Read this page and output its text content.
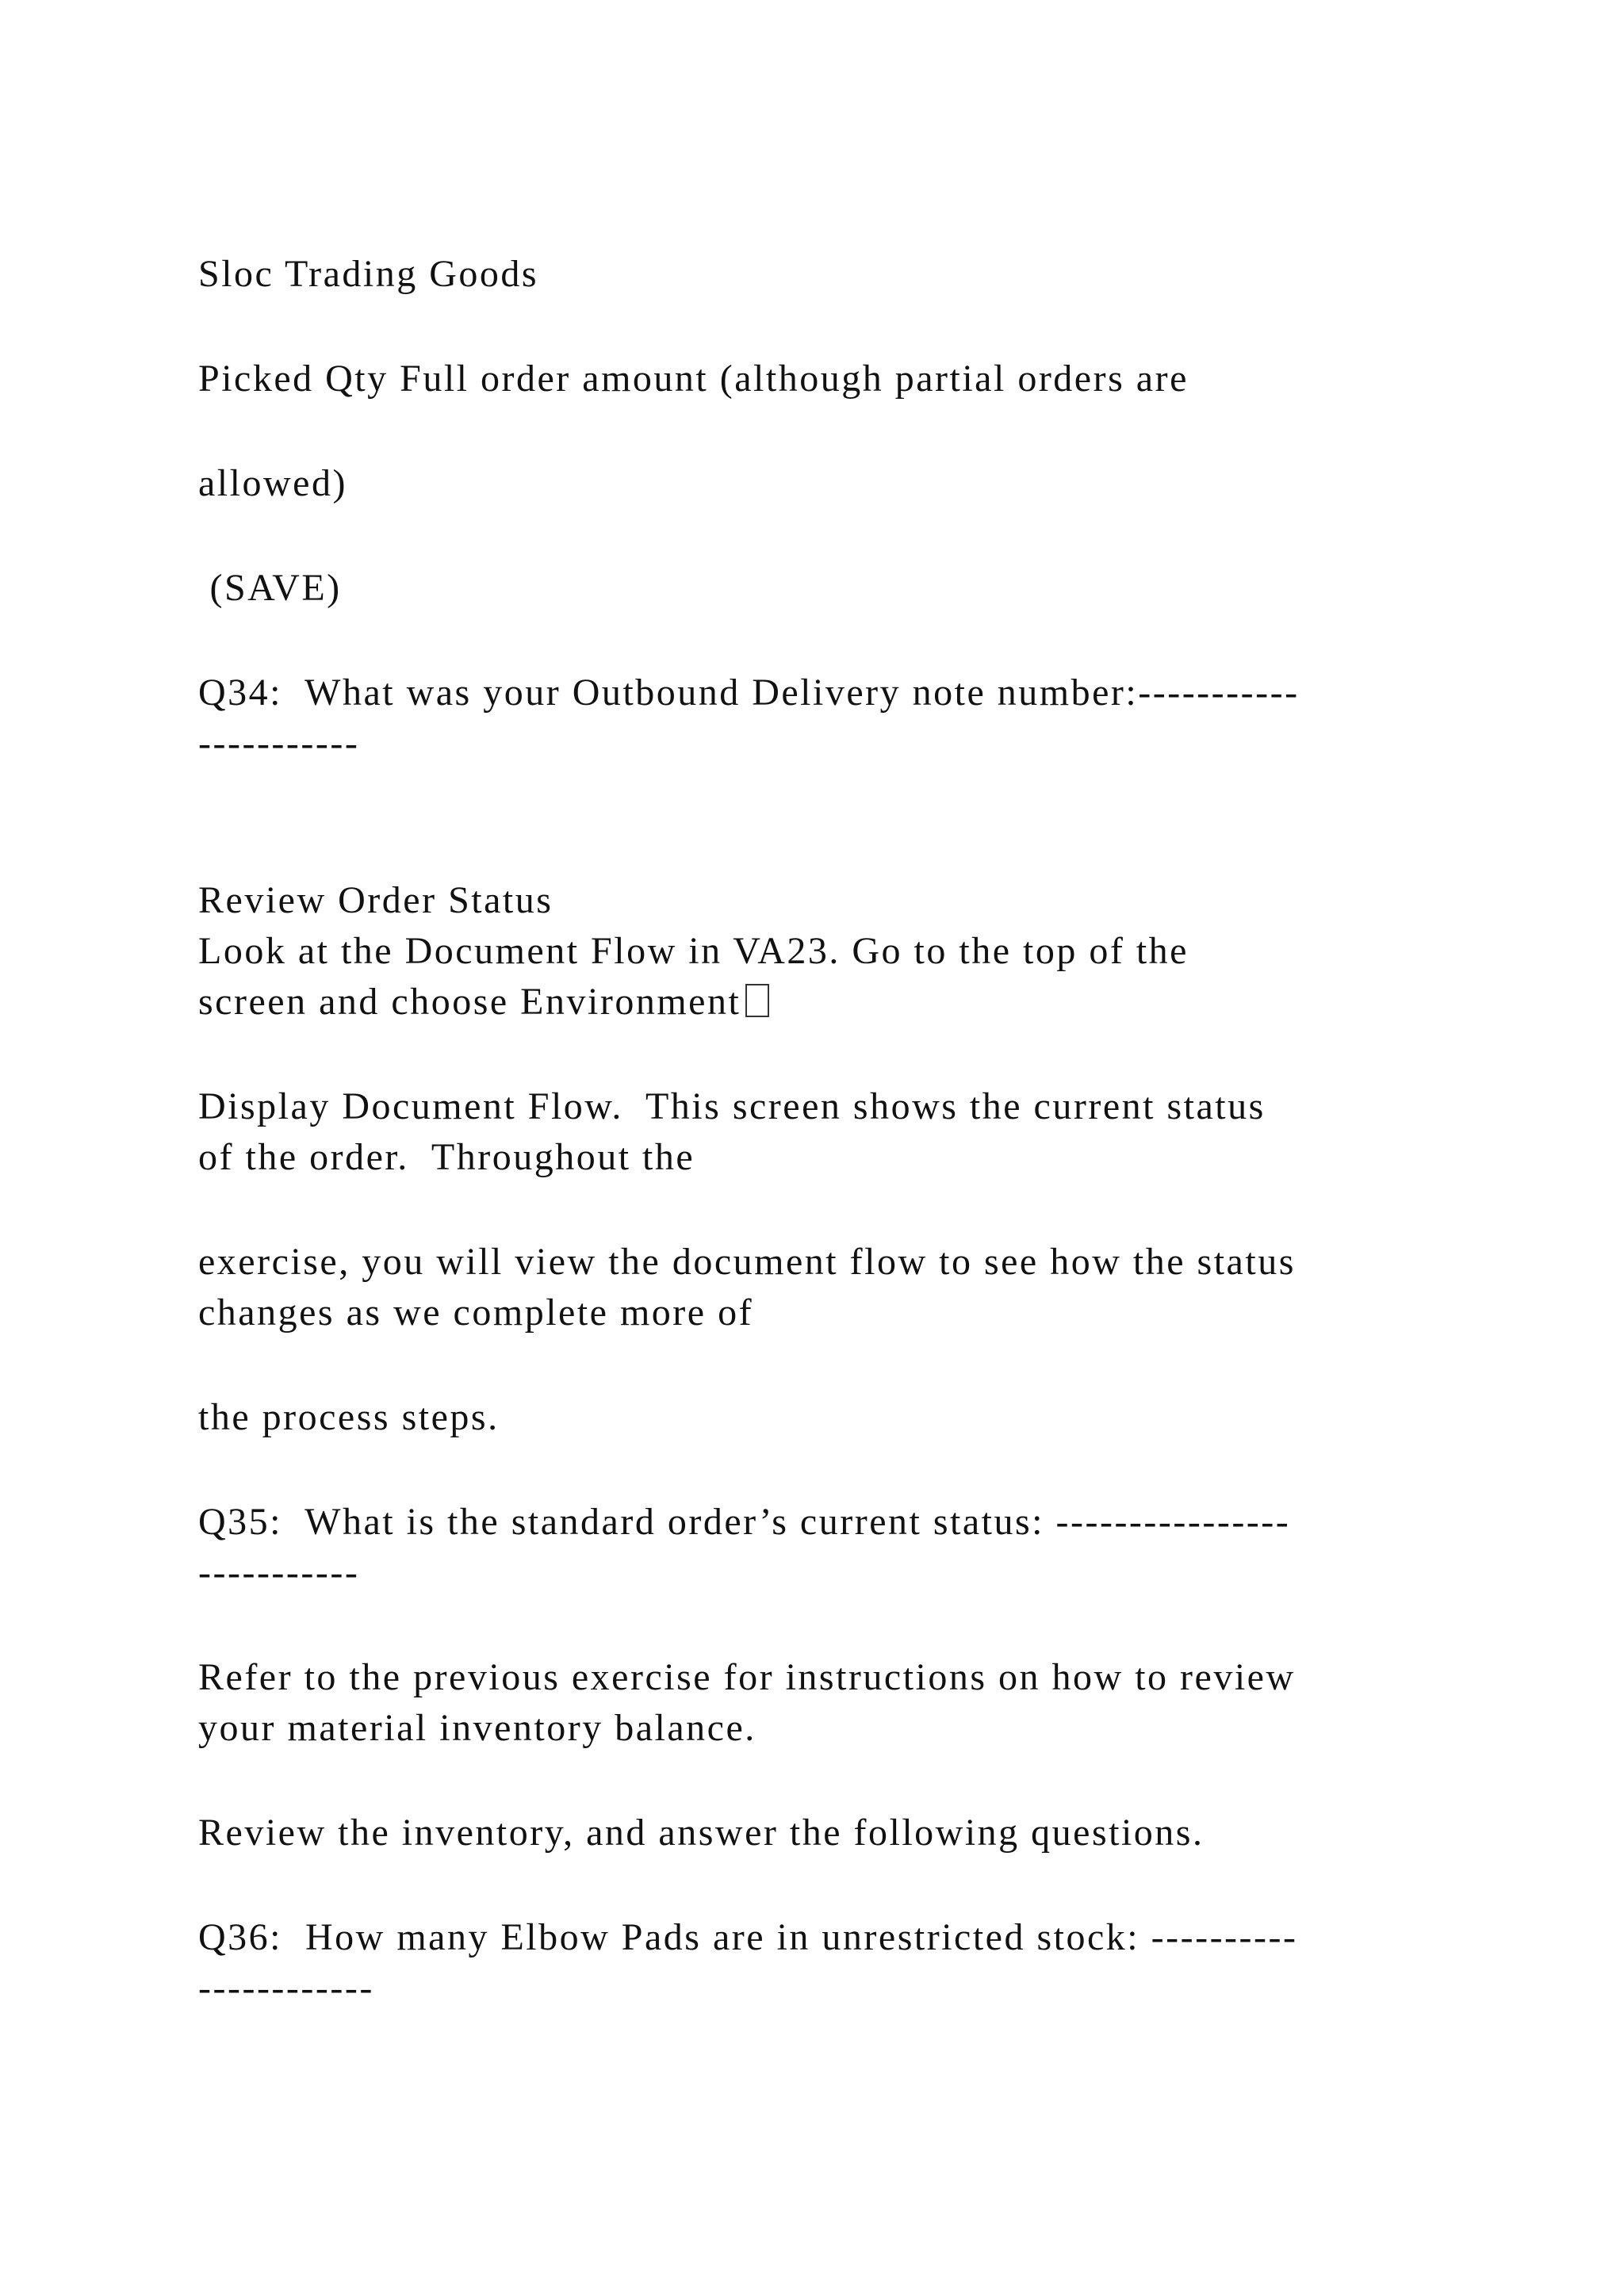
Sloc Trading Goods

Picked Qty Full order amount (although partial orders are

allowed)

(SAVE)

Q34:  What was your Outbound Delivery note number:-----------

-----------

Review Order Status

Look at the Document Flow in VA23. Go to the top of the

screen and choose Environment

Display Document Flow.  This screen shows the current status

of the order.  Throughout the

exercise, you will view the document flow to see how the status

changes as we complete more of

the process steps.

Q35:  What is the standard order’s current status: ----------------

-----------

Refer to the previous exercise for instructions on how to review

your material inventory balance.

Review the inventory, and answer the following questions.

Q36:  How many Elbow Pads are in unrestricted stock: ----------

------------
